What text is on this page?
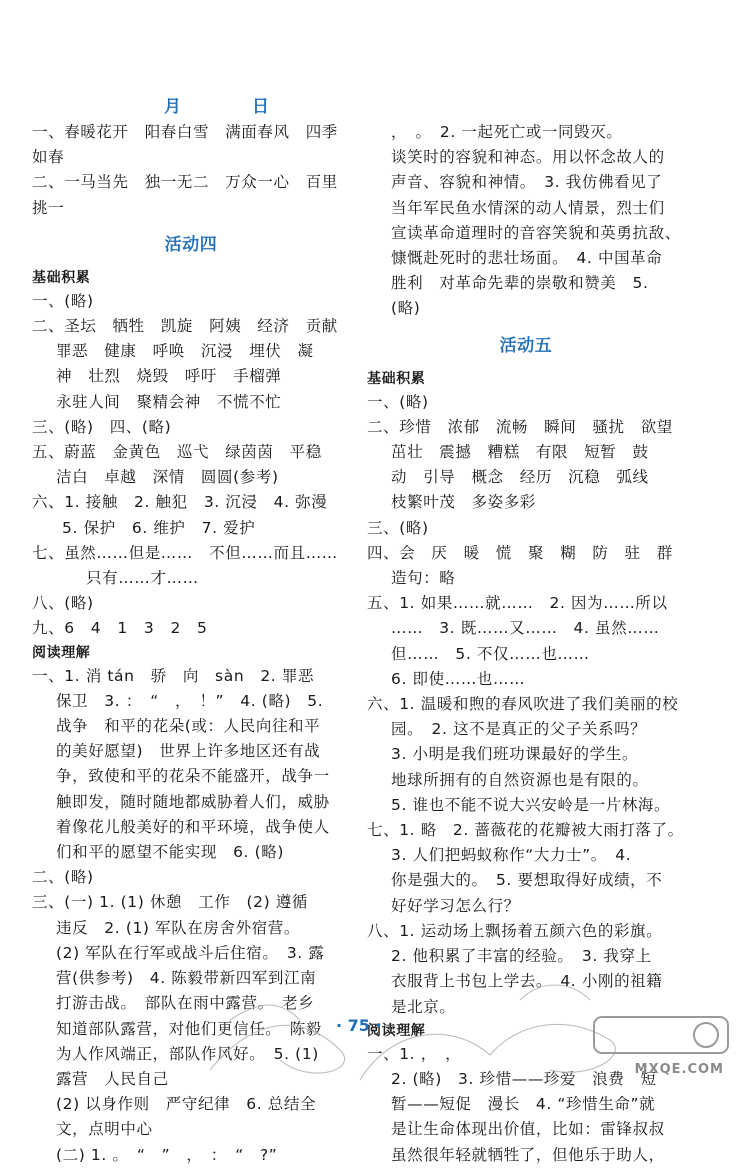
月	日
一、春暖花开　阳春白雪　满面春风　四季
如春
二、一马当先　独一无二　万众一心　百里
挑一
活动四
基础积累
一、(略)
二、圣坛　牺牲　凯旋　阿姨　经济　贡献
罪恶　健康　呼唤　沉浸　埋伏　凝
神　壮烈　烧毁　呼吁　手榴弹
永驻人间　聚精会神　不慌不忙
三、(略)　四、(略)
五、蔚蓝　金黄色　巡弋　绿茵茵　平稳
洁白　卓越　深情　圆圆(参考)
六、1. 接触　2. 触犯　3. 沉浸　4. 弥漫
5. 保护　6. 维护　7. 爱护
七、虽然……但是……　不但……而且……
只有……才……
八、(略)
九、6　4　1　3　2　5
阅读理解
一、1. 消 tán　骄　向　sàn　2. 罪恶
保卫　3. ：　“　，　！”　4. (略)　5.
战争　和平的花朵(或：人民向往和平
的美好愿望)　世界上许多地区还有战
争，致使和平的花朵不能盛开，战争一
触即发，随时随地都威胁着人们，威胁
着像花儿般美好的和平环境，战争使人
们和平的愿望不能实现　6. (略)
二、(略)
三、(一) 1. (1) 休憩　工作　(2) 遵循
违反　2. (1) 军队在房舍外宿营。
(2) 军队在行军或战斗后住宿。　3. 露
营(供参考)　4. 陈毅带新四军到江南
打游击战。　部队在雨中露营。　老乡
知道部队露营，对他们更信任。　陈毅
为人作风端正，部队作风好。　5. (1)
露营　人民自己
(2) 以身作则　严守纪律　6. 总结全
文，点明中心
(二) 1. 。　“　”　，　：　“　?”
，　。　2. 一起死亡或一同毁灭。
谈笑时的容貌和神态。用以怀念故人的
声音、容貌和神情。　3. 我仿佛看见了
当年军民鱼水情深的动人情景，烈士们
宣读革命道理时的音容笑貌和英勇抗敌、
慷慨赴死时的悲壮场面。　4. 中国革命
胜利　对革命先辈的崇敬和赞美　5.
(略)
活动五
基础积累
一、(略)
二、珍惜　浓郁　流畅　瞬间　骚扰　欲望
茁壮　震撼　糟糕　有限　短暂　鼓
动　引导　概念　经历　沉稳　弧线
枝繁叶茂　多姿多彩
三、(略)
四、会　厌　暖　慌　聚　糊　防　驻　群
造句：略
五、1. 如果……就……　2. 因为……所以
……　3. 既……又……　4. 虽然……
但……　5. 不仅……也……
6. 即使……也……
六、1. 温暖和煦的春风吹进了我们美丽的校
园。　2. 这不是真正的父子关系吗？
3. 小明是我们班功课最好的学生。
地球所拥有的自然资源也是有限的。
5. 谁也不能不说大兴安岭是一片林海。
七、1. 略　2. 蔷薇花的花瓣被大雨打落了。
3. 人们把蚂蚁称作“大力士”。　4.
你是强大的。　5. 要想取得好成绩，不
好好学习怎么行？
八、1. 运动场上飘扬着五颜六色的彩旗。
2. 他积累了丰富的经验。　3. 我穿上
衣服背上书包上学去。　4. 小刚的祖籍
是北京。
阅读理解
一、1. ，　，
2. (略)　3. 珍惜——珍爱　浪费　短
暂——短促　漫长　4. “珍惜生命”就
是让生命体现出价值，比如：雷锋叔叔
虽然很年轻就牺牲了，但他乐于助人，
· 75 ·
MXQE.COM
